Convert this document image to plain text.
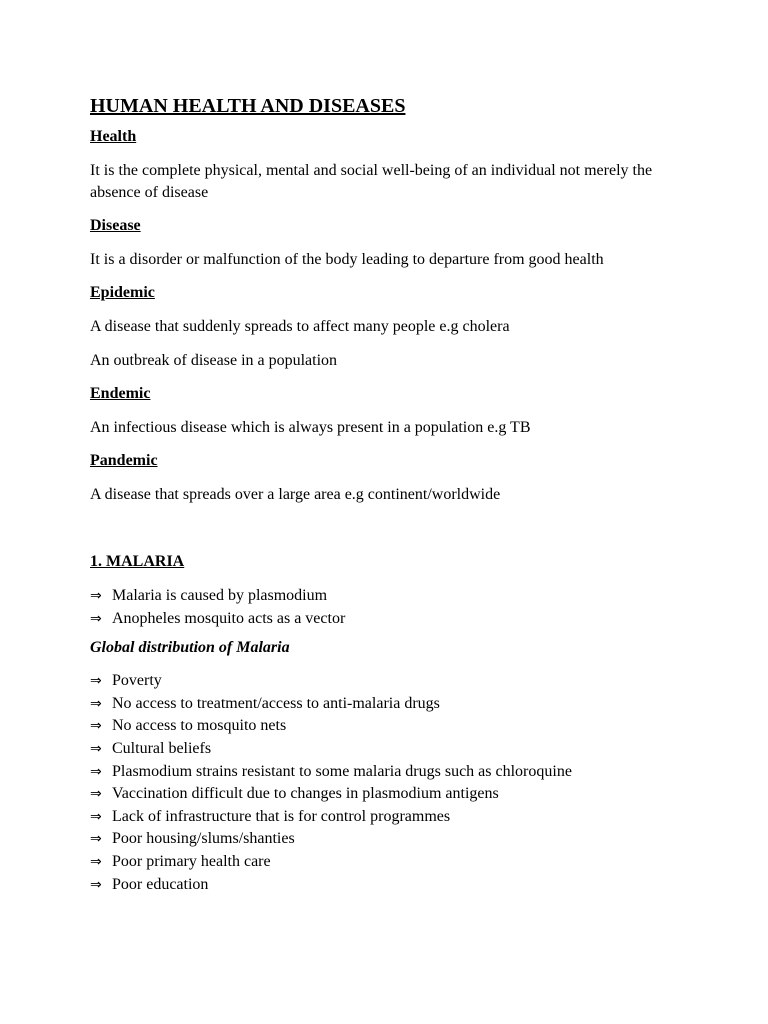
HUMAN HEALTH AND DISEASES
Health
It is the complete physical, mental and social well-being of an individual not merely the absence of disease
Disease
It is a disorder or malfunction of the body leading to departure from good health
Epidemic
A disease that suddenly spreads to affect many people e.g cholera
An outbreak of disease in a population
Endemic
An infectious disease which is always present in a population e.g TB
Pandemic
A disease that spreads over a large area e.g continent/worldwide
1. MALARIA
⇒ Malaria is caused by plasmodium
⇒ Anopheles mosquito acts as a vector
Global distribution of Malaria
⇒ Poverty
⇒ No access to treatment/access to anti-malaria drugs
⇒ No access to mosquito nets
⇒ Cultural beliefs
⇒ Plasmodium strains resistant to some malaria drugs such as chloroquine
⇒ Vaccination difficult due to changes in plasmodium antigens
⇒ Lack of infrastructure that is for control programmes
⇒ Poor housing/slums/shanties
⇒ Poor primary health care
⇒ Poor education
